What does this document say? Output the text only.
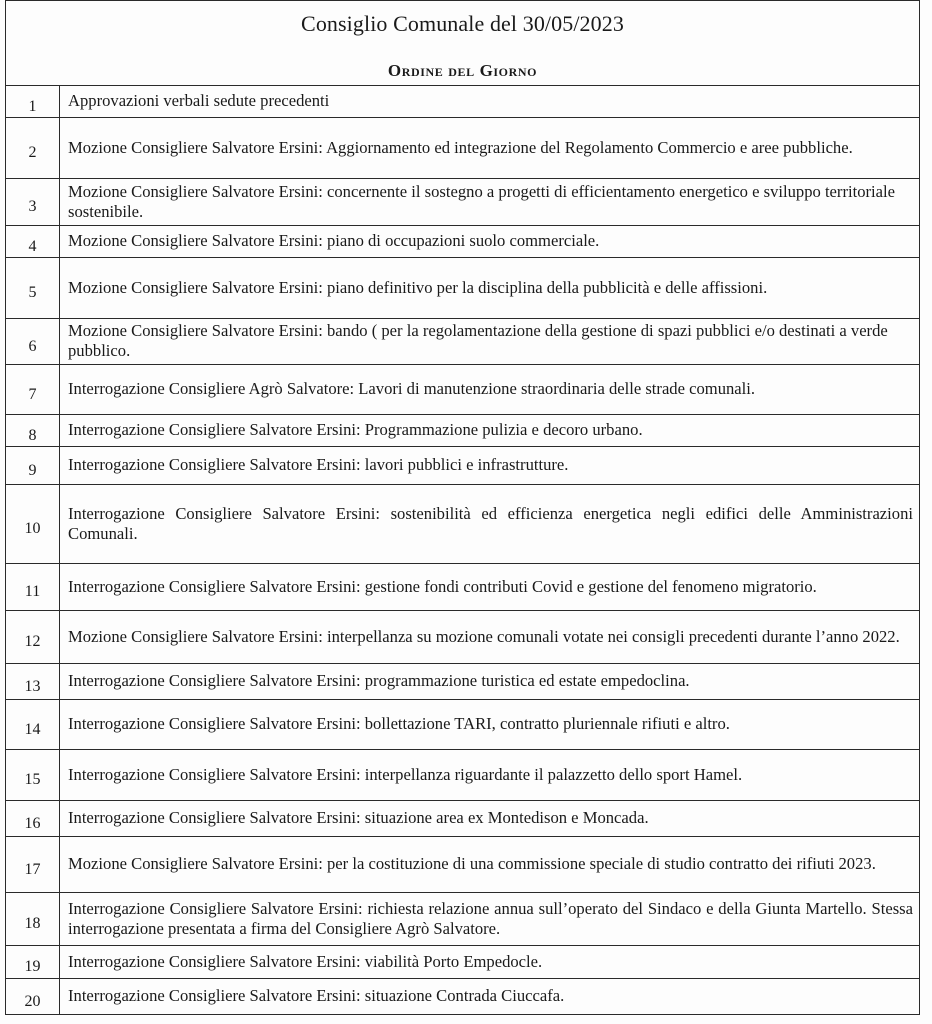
Consiglio Comunale del 30/05/2023
Ordine del Giorno	

1	Approvazioni verbali sedute precedenti
2	Mozione Consigliere Salvatore Ersini: Aggiornamento ed integrazione del Regolamento Commercio e aree pubbliche.
3	Mozione Consigliere Salvatore Ersini: concernente il sostegno a progetti di efficientamento energetico e sviluppo territoriale sostenibile.
4	Mozione Consigliere Salvatore Ersini: piano di occupazioni suolo commerciale.
5	Mozione Consigliere Salvatore Ersini: piano definitivo per la disciplina della pubblicità e delle affissioni.
6	Mozione Consigliere Salvatore Ersini: bando ( per la regolamentazione della gestione di spazi pubblici e/o destinati a verde pubblico.
7	Interrogazione Consigliere Agrò Salvatore: Lavori di manutenzione straordinaria delle strade comunali.
8	Interrogazione Consigliere Salvatore Ersini: Programmazione pulizia e decoro urbano.
9	Interrogazione Consigliere Salvatore Ersini: lavori pubblici e infrastrutture.
10	Interrogazione Consigliere Salvatore Ersini: sostenibilità ed efficienza energetica negli edifici delle Amministrazioni Comunali.
11	Interrogazione Consigliere Salvatore Ersini: gestione fondi contributi Covid e gestione del fenomeno migratorio.
12	Mozione Consigliere Salvatore Ersini: interpellanza su mozione comunali votate nei consigli precedenti durante l’anno 2022.
13	Interrogazione Consigliere Salvatore Ersini: programmazione turistica ed estate empedoclina.
14	Interrogazione Consigliere Salvatore Ersini: bollettazione TARI, contratto pluriennale rifiuti e altro.
15	Interrogazione Consigliere Salvatore Ersini: interpellanza riguardante il palazzetto dello sport Hamel.
16	Interrogazione Consigliere Salvatore Ersini: situazione area ex Montedison e Moncada.
17	Mozione Consigliere Salvatore Ersini: per la costituzione di una commissione speciale di studio contratto dei rifiuti 2023.
18	Interrogazione Consigliere Salvatore Ersini: richiesta relazione annua sull’operato del Sindaco e della Giunta Martello. Stessa interrogazione presentata a firma del Consigliere Agrò Salvatore.
19	Interrogazione Consigliere Salvatore Ersini: viabilità Porto Empedocle.
20	Interrogazione Consigliere Salvatore Ersini: situazione Contrada Ciuccafa.
